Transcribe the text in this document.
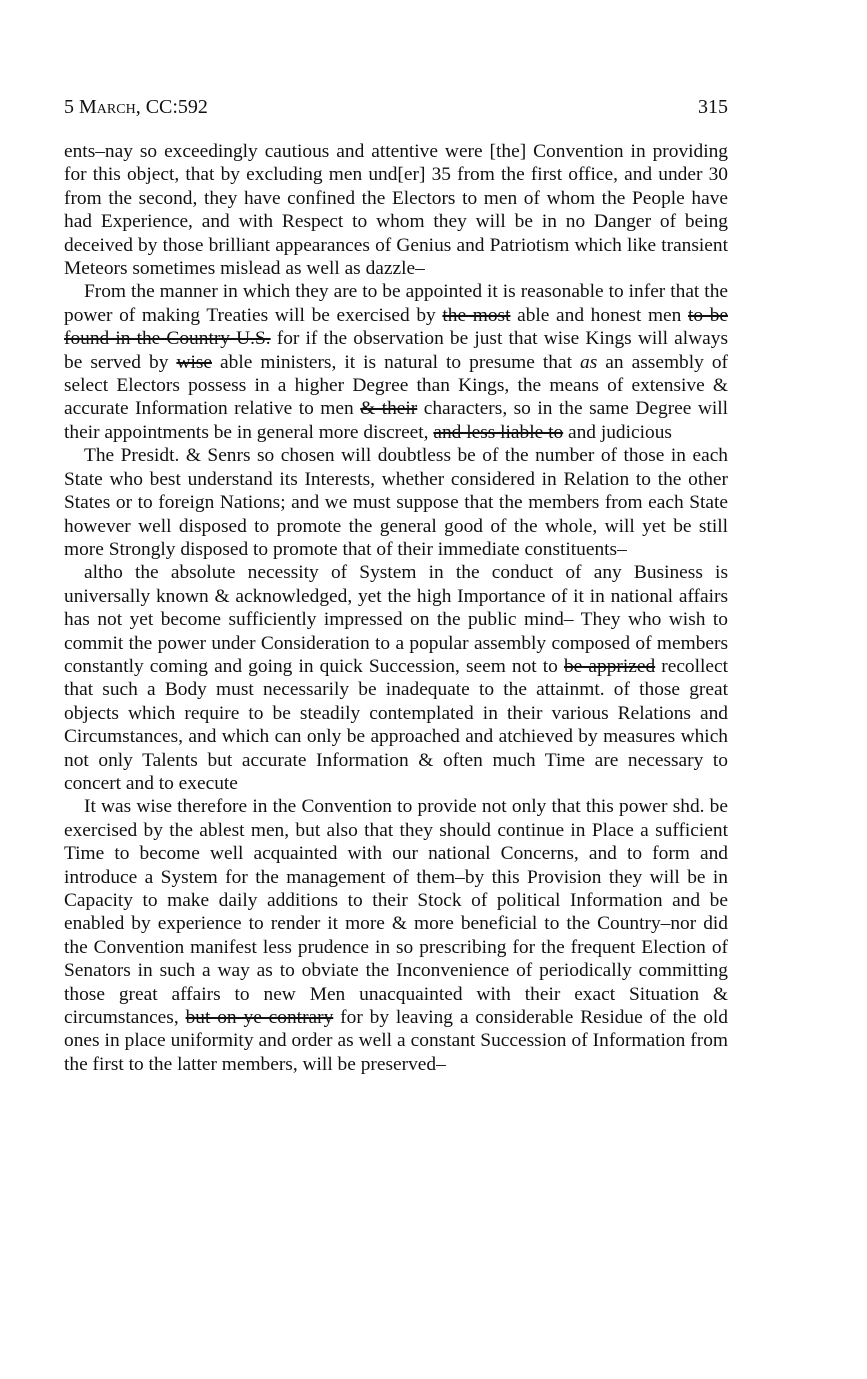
5 March, CC:592	315

ents–nay so exceedingly cautious and attentive were [the] Convention in providing for this object, that by excluding men und[er] 35 from the first office, and under 30 from the second, they have confined the Electors to men of whom the People have had Experience, and with Respect to whom they will be in no Danger of being deceived by those brilliant appearances of Genius and Patriotism which like transient Meteors sometimes mislead as well as dazzle–

From the manner in which they are to be appointed it is reasonable to infer that the power of making Treaties will be exercised by the most able and honest men to be found in the Country U.S. for if the observation be just that wise Kings will always be served by wise able ministers, it is natural to presume that as an assembly of select Electors possess in a higher Degree than Kings, the means of extensive & accurate Information relative to men & their characters, so in the same Degree will their appointments be in general more discreet, and less liable to and judicious

The Presidt. & Senrs so chosen will doubtless be of the number of those in each State who best understand its Interests, whether considered in Relation to the other States or to foreign Nations; and we must suppose that the members from each State however well disposed to promote the general good of the whole, will yet be still more Strongly disposed to promote that of their immediate constituents–

altho the absolute necessity of System in the conduct of any Business is universally known & acknowledged, yet the high Importance of it in national affairs has not yet become sufficiently impressed on the public mind– They who wish to commit the power under Consideration to a popular assembly composed of members constantly coming and going in quick Succession, seem not to be apprized recollect that such a Body must necessarily be inadequate to the attainmt. of those great objects which require to be steadily contemplated in their various Relations and Circumstances, and which can only be approached and atchieved by measures which not only Talents but accurate Information & often much Time are necessary to concert and to execute

It was wise therefore in the Convention to provide not only that this power shd. be exercised by the ablest men, but also that they should continue in Place a sufficient Time to become well acquainted with our national Concerns, and to form and introduce a System for the management of them–by this Provision they will be in Capacity to make daily additions to their Stock of political Information and be enabled by experience to render it more & more beneficial to the Country–nor did the Convention manifest less prudence in so prescribing for the frequent Election of Senators in such a way as to obviate the Inconvenience of periodically committing those great affairs to new Men unacquainted with their exact Situation & circumstances, but on ye contrary for by leaving a considerable Residue of the old ones in place uniformity and order as well a constant Succession of Information from the first to the latter members, will be preserved–
